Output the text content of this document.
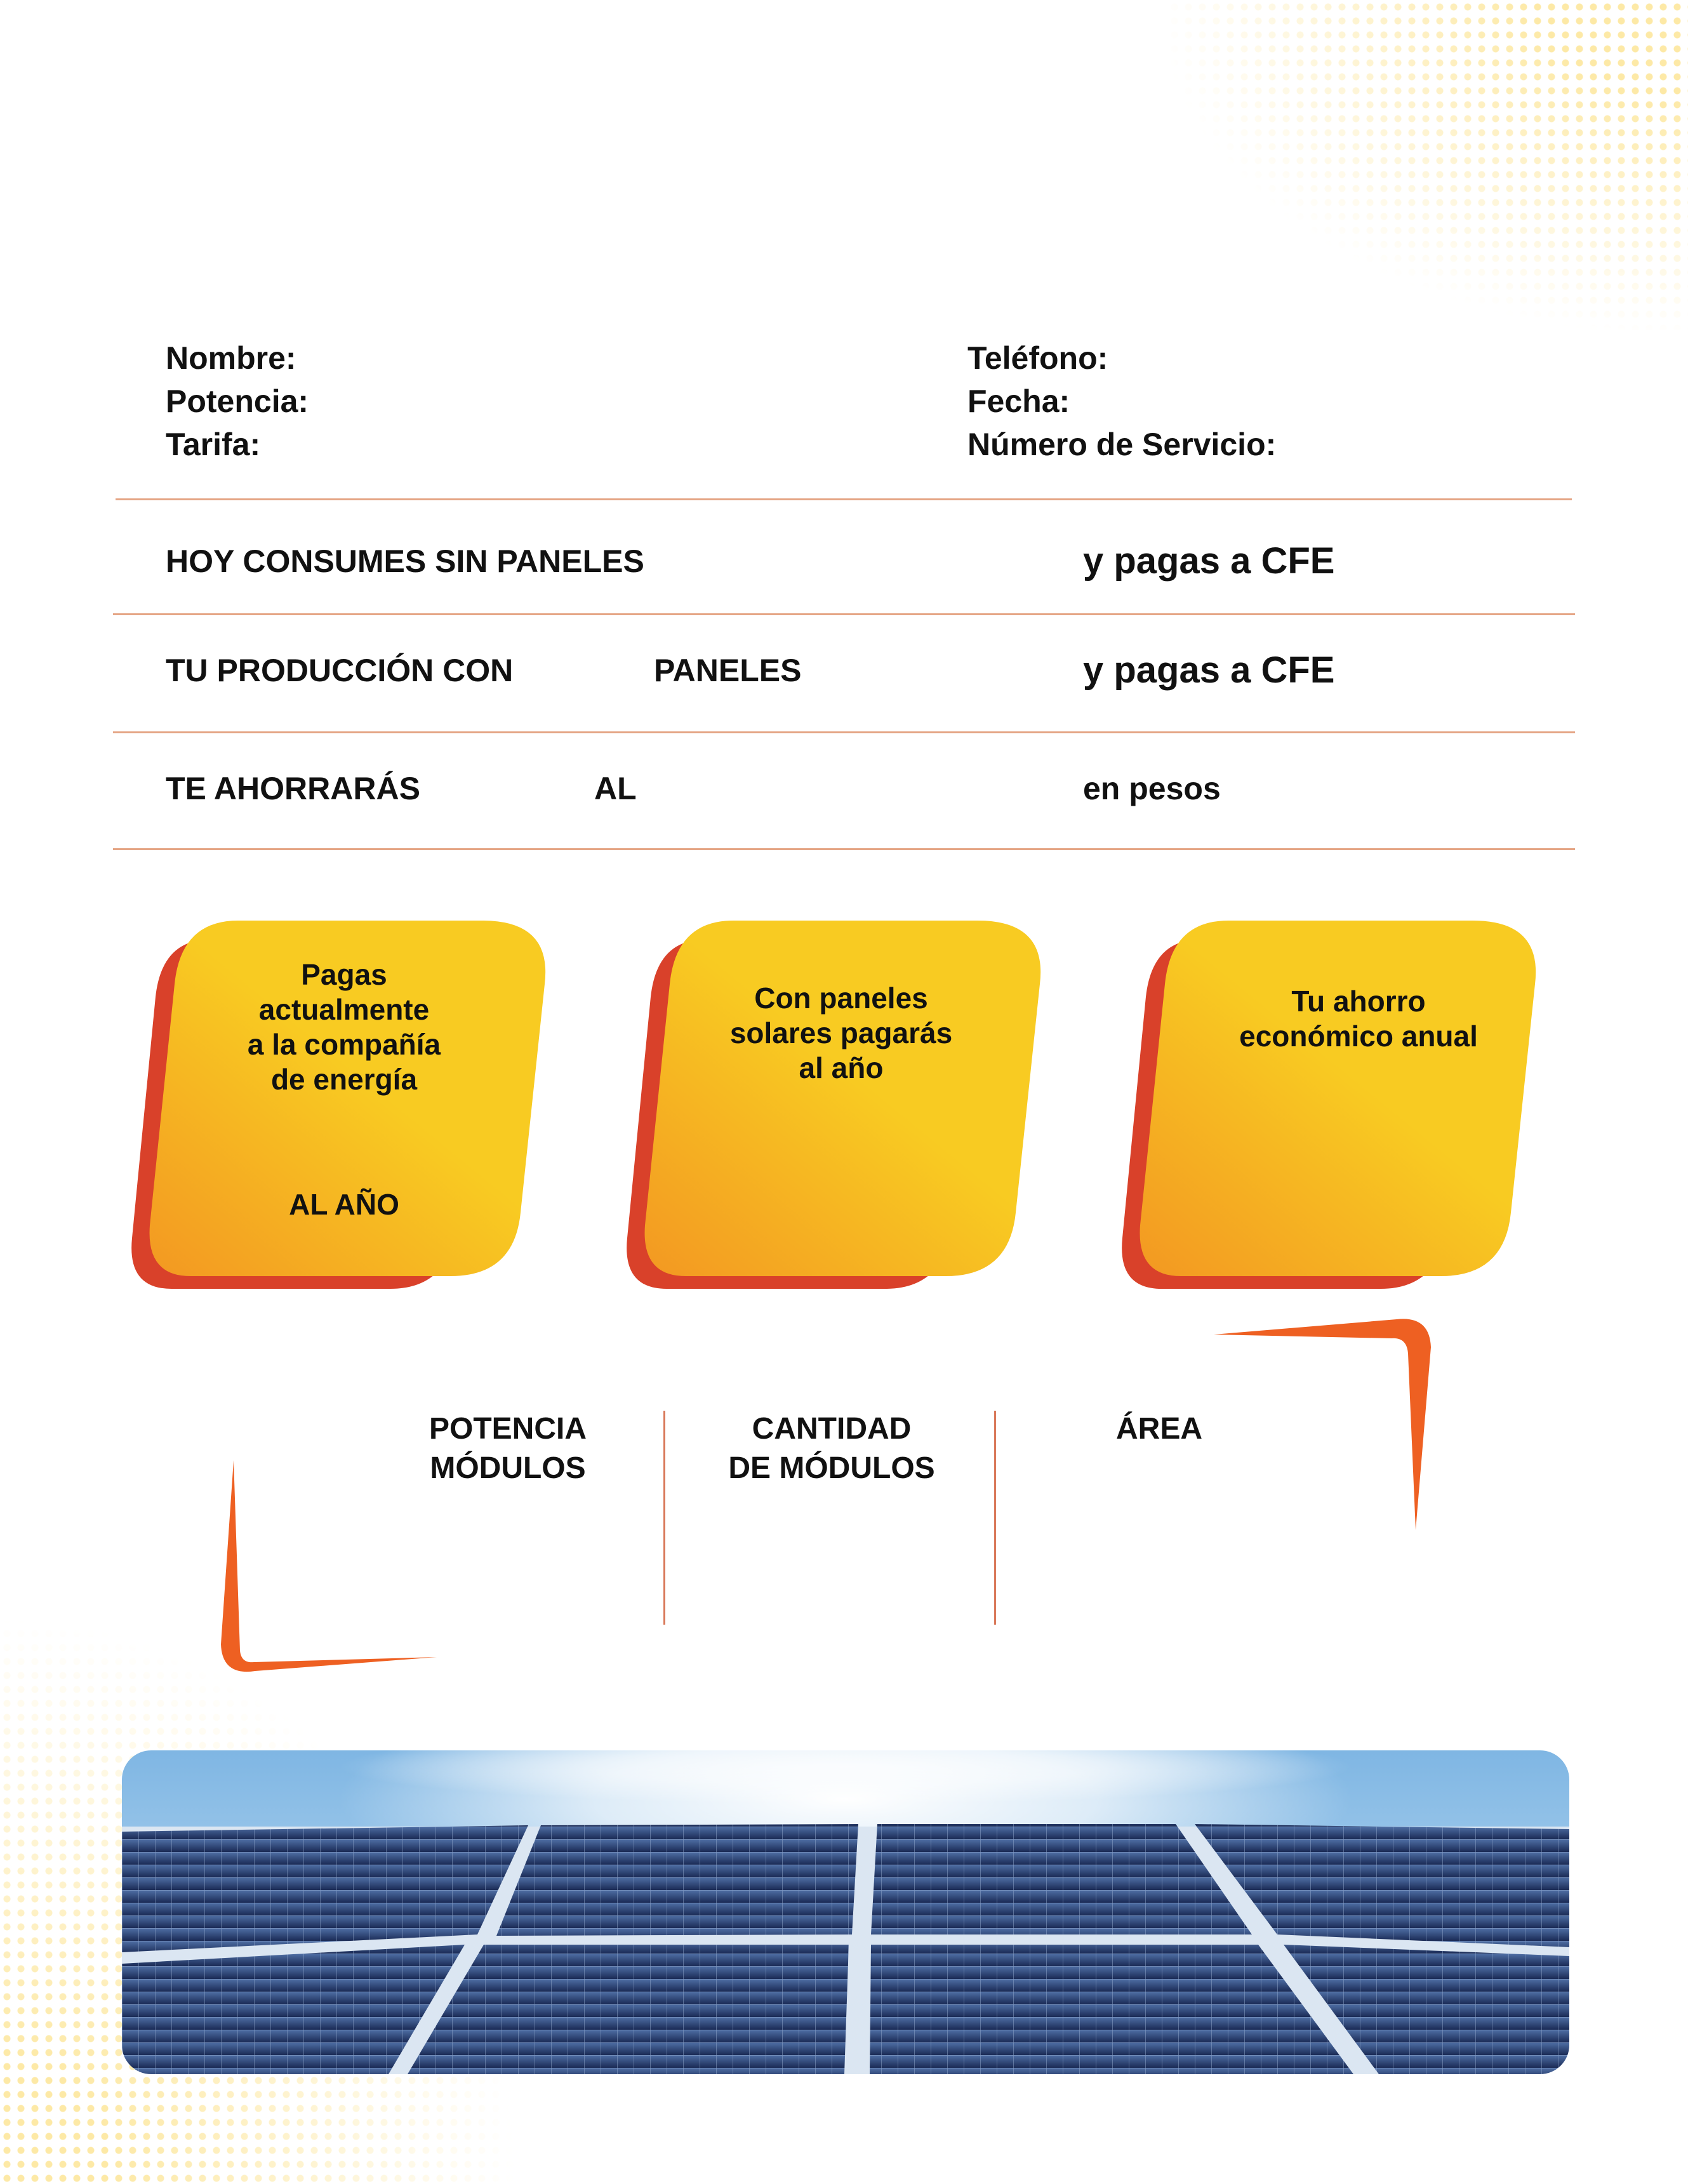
Nombre:
Potencia:
Tarifa:
Teléfono:
Fecha:
Número de Servicio:
HOY CONSUMES SIN PANELES	y pagas a CFE
TU PRODUCCIÓN CON	PANELES	y pagas a CFE
TE AHORRARÁS	AL	en pesos
Pagas
actualmente
a la compañía
de energía
AL AÑO
Con paneles
solares pagarás
al año
Tu ahorro
económico anual
POTENCIA
MÓDULOS
CANTIDAD
DE MÓDULOS
ÁREA
